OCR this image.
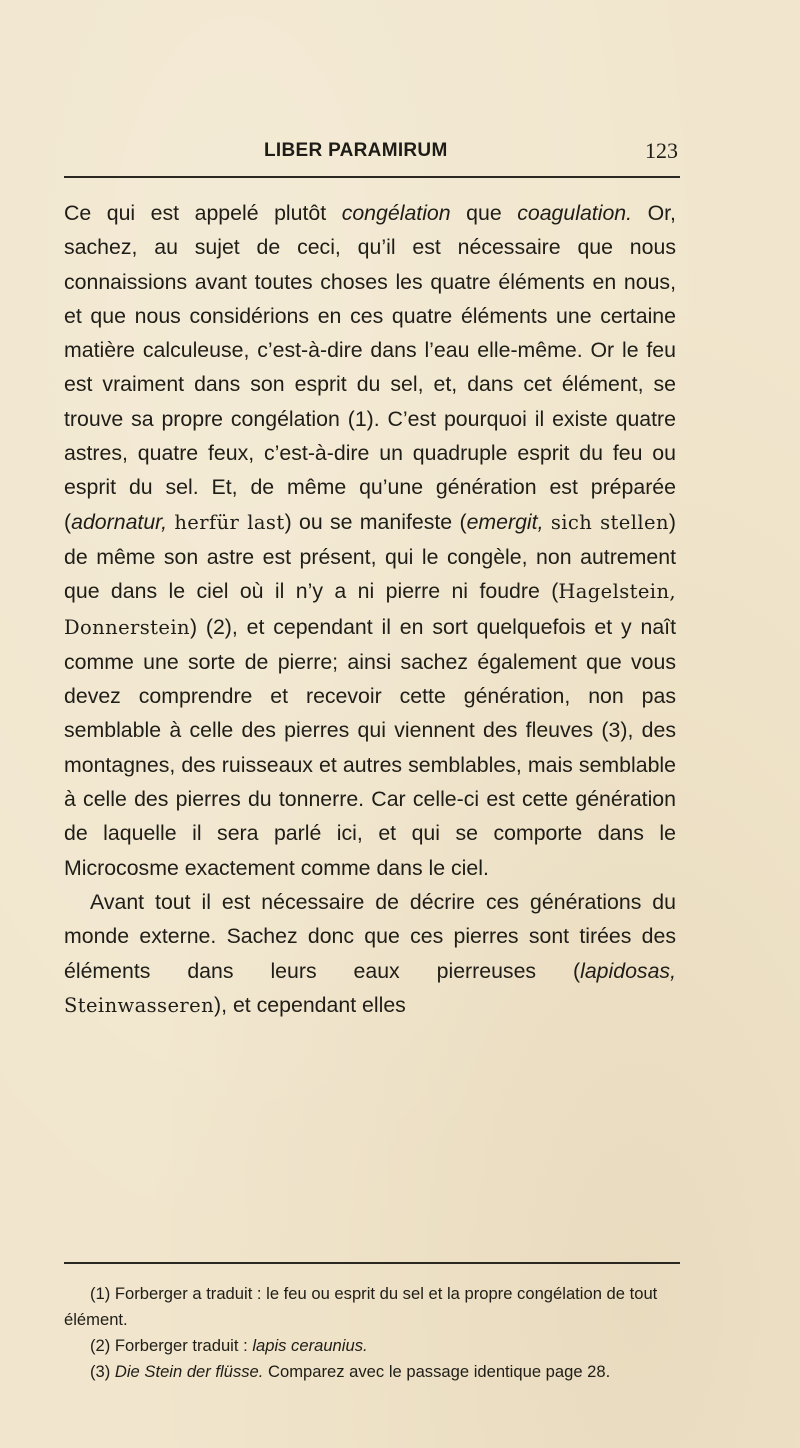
LIBER PARAMIRUM	123

Ce qui est appelé plutôt congélation que coagulation. Or, sachez, au sujet de ceci, qu’il est nécessaire que nous connaissions avant toutes choses les quatre éléments en nous, et que nous considérions en ces quatre éléments une certaine matière calculeuse, c’est-à-dire dans l’eau elle-même. Or le feu est vraiment dans son esprit du sel, et, dans cet élément, se trouve sa propre congélation (1). C’est pourquoi il existe quatre astres, quatre feux, c’est-à-dire un quadruple esprit du feu ou esprit du sel. Et, de même qu’une génération est préparée (adornatur, herfür last) ou se manifeste (emergit, sich stellen) de même son astre est présent, qui le congèle, non autrement que dans le ciel où il n’y a ni pierre ni foudre (Hagelstein, Donnerstein) (2), et cependant il en sort quelquefois et y naît comme une sorte de pierre; ainsi sachez également que vous devez comprendre et recevoir cette génération, non pas semblable à celle des pierres qui viennent des fleuves (3), des montagnes, des ruisseaux et autres semblables, mais semblable à celle des pierres du tonnerre. Car celle-ci est cette génération de laquelle il sera parlé ici, et qui se comporte dans le Microcosme exactement comme dans le ciel.

Avant tout il est nécessaire de décrire ces générations du monde externe. Sachez donc que ces pierres sont tirées des éléments dans leurs eaux pierreuses (lapidosas, Steinwasseren), et cependant elles

(1) Forberger a traduit : le feu ou esprit du sel et la propre congélation de tout élément.

(2) Forberger traduit : lapis ceraunius.

(3) Die Stein der flüsse. Comparez avec le passage identique page 28.
